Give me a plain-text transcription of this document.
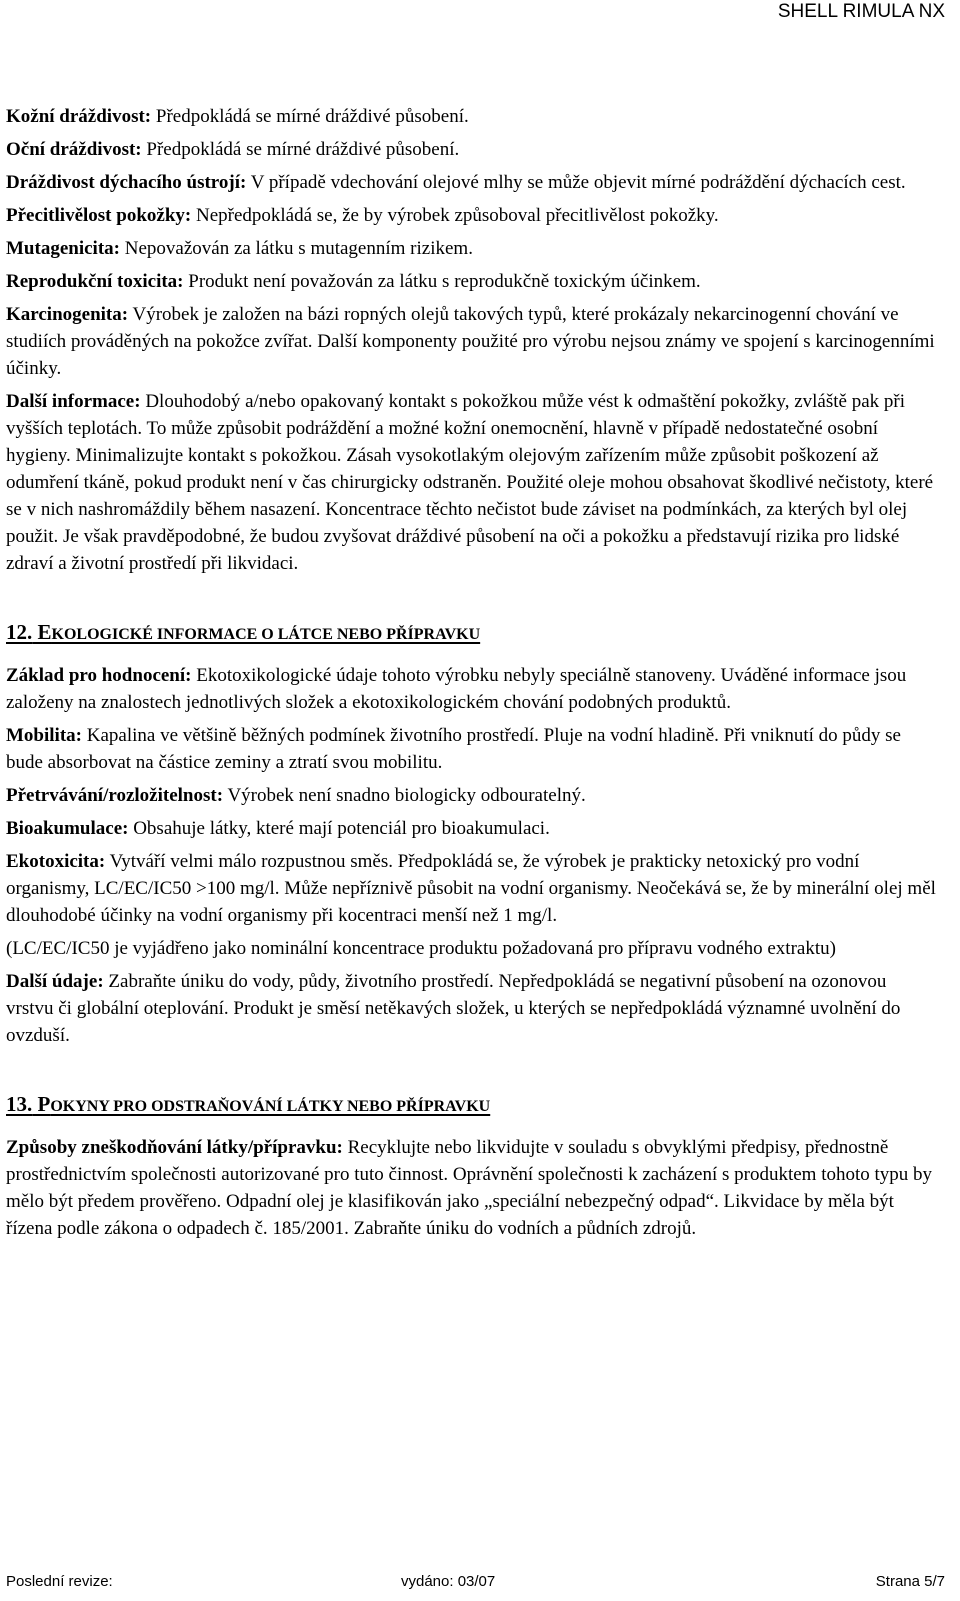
SHELL RIMULA NX

Kožní dráždivost: Předpokládá se mírné dráždivé působení.

Oční dráždivost: Předpokládá se mírné dráždivé působení.

Dráždivost dýchacího ústrojí: V případě vdechování olejové mlhy se může objevit mírné podráždění dýchacích cest.

Přecitlivělost pokožky: Nepředpokládá se, že by výrobek způsoboval přecitlivělost pokožky.

Mutagenicita: Nepovažován za látku s mutagenním rizikem.

Reprodukční toxicita: Produkt není považován za látku s reprodukčně toxickým účinkem.

Karcinogenita: Výrobek je založen na bázi ropných olejů takových typů, které prokázaly nekarcinogenní chování ve studiích prováděných na pokožce zvířat. Další komponenty použité pro výrobu nejsou známy ve spojení s karcinogenními účinky.

Další informace: Dlouhodobý a/nebo opakovaný kontakt s pokožkou může vést k odmaštění pokožky, zvláště pak při vyšších teplotách. To může způsobit podráždění a možné kožní onemocnění, hlavně v případě nedostatečné osobní hygieny. Minimalizujte kontakt s pokožkou. Zásah vysokotlakým olejovým zařízením může způsobit poškození až odumření tkáně, pokud produkt není v čas chirurgicky odstraněn. Použité oleje mohou obsahovat škodlivé nečistoty, které se v nich nashromáždily během nasazení. Koncentrace těchto nečistot bude záviset na podmínkách, za kterých byl olej použit. Je však pravděpodobné, že budou zvyšovat dráždivé působení na oči a pokožku a představují rizika pro lidské zdraví a životní prostředí při likvidaci.

12. EKOLOGICKÉ INFORMACE O LÁTCE NEBO PŘÍPRAVKU

Základ pro hodnocení: Ekotoxikologické údaje tohoto výrobku nebyly speciálně stanoveny. Uváděné informace jsou založeny na znalostech jednotlivých složek a ekotoxikologickém chování podobných produktů.

Mobilita: Kapalina ve většině běžných podmínek životního prostředí. Pluje na vodní hladině. Při vniknutí do půdy se bude absorbovat na částice zeminy a ztratí svou mobilitu.

Přetrvávání/rozložitelnost: Výrobek není snadno biologicky odbouratelný.

Bioakumulace: Obsahuje látky, které mají potenciál pro bioakumulaci.

Ekotoxicita: Vytváří velmi málo rozpustnou směs. Předpokládá se, že výrobek je prakticky netoxický pro vodní organismy, LC/EC/IC50 >100 mg/l. Může nepříznivě působit na vodní organismy. Neočekává se, že by minerální olej měl dlouhodobé účinky na vodní organismy při kocentraci menší než 1 mg/l.

(LC/EC/IC50 je vyjádřeno jako nominální koncentrace produktu požadovaná pro přípravu vodného extraktu)

Další údaje: Zabraňte úniku do vody, půdy, životního prostředí. Nepředpokládá se negativní působení na ozonovou vrstvu či globální oteplování. Produkt je směsí netěkavých složek, u kterých se nepředpokládá významné uvolnění do ovzduší.

13. POKYNY PRO ODSTRAŇOVÁNÍ LÁTKY NEBO PŘÍPRAVKU

Způsoby zneškodňování látky/přípravku: Recyklujte nebo likvidujte v souladu s obvyklými předpisy, přednostně prostřednictvím společnosti autorizované pro tuto činnost. Oprávnění společnosti k zacházení s produktem tohoto typu by mělo být předem prověřeno. Odpadní olej je klasifikován jako „speciální nebezpečný odpad“. Likvidace by měla být řízena podle zákona o odpadech č. 185/2001. Zabraňte úniku do vodních a půdních zdrojů.

Poslední revize:	vydáno: 03/07	Strana 5/7
